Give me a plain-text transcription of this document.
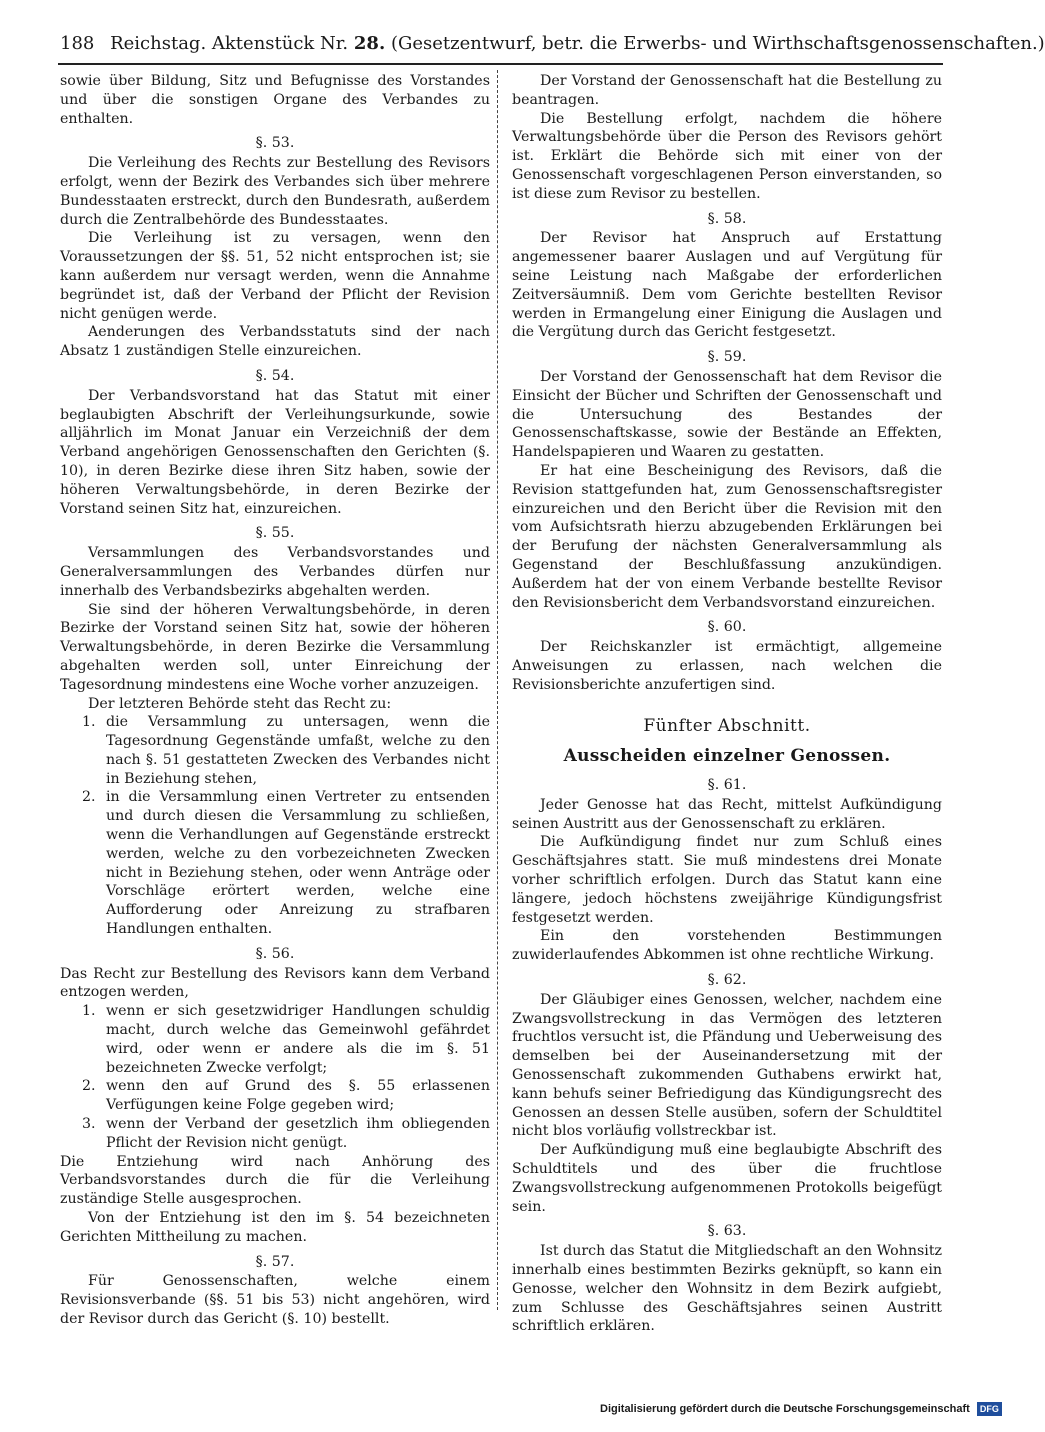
188 Reichstag. Aktenstück Nr. 28. (Gesetzentwurf, betr. die Erwerbs- und Wirthschaftsgenossenschaften.)

sowie über Bildung, Sitz und Befugnisse des Vorstandes und über die sonstigen Organe des Verbandes zu enthalten.

§. 53.

Die Verleihung des Rechts zur Bestellung des Revisors erfolgt, wenn der Bezirk des Verbandes sich über mehrere Bundesstaaten erstreckt, durch den Bundesrath, außerdem durch die Zentralbehörde des Bundesstaates.

Die Verleihung ist zu versagen, wenn den Voraussetzungen der §§. 51, 52 nicht entsprochen ist; sie kann außerdem nur versagt werden, wenn die Annahme begründet ist, daß der Verband der Pflicht der Revision nicht genügen werde.

Aenderungen des Verbandsstatuts sind der nach Absatz 1 zuständigen Stelle einzureichen.

§. 54.

Der Verbandsvorstand hat das Statut mit einer beglaubigten Abschrift der Verleihungsurkunde, sowie alljährlich im Monat Januar ein Verzeichniß der dem Verband angehörigen Genossenschaften den Gerichten (§. 10), in deren Bezirke diese ihren Sitz haben, sowie der höheren Verwaltungsbehörde, in deren Bezirke der Vorstand seinen Sitz hat, einzureichen.

§. 55.

Versammlungen des Verbandsvorstandes und Generalversammlungen des Verbandes dürfen nur innerhalb des Verbandsbezirks abgehalten werden.

Sie sind der höheren Verwaltungsbehörde, in deren Bezirke der Vorstand seinen Sitz hat, sowie der höheren Verwaltungsbehörde, in deren Bezirke die Versammlung abgehalten werden soll, unter Einreichung der Tagesordnung mindestens eine Woche vorher anzuzeigen.

Der letzteren Behörde steht das Recht zu:

1. die Versammlung zu untersagen, wenn die Tagesordnung Gegenstände umfaßt, welche zu den nach §. 51 gestatteten Zwecken des Verbandes nicht in Beziehung stehen,
2. in die Versammlung einen Vertreter zu entsenden und durch diesen die Versammlung zu schließen, wenn die Verhandlungen auf Gegenstände erstreckt werden, welche zu den vorbezeichneten Zwecken nicht in Beziehung stehen, oder wenn Anträge oder Vorschläge erörtert werden, welche eine Aufforderung oder Anreizung zu strafbaren Handlungen enthalten.
§. 56.

Das Recht zur Bestellung des Revisors kann dem Verband entzogen werden,

1. wenn er sich gesetzwidriger Handlungen schuldig macht, durch welche das Gemeinwohl gefährdet wird, oder wenn er andere als die im §. 51 bezeichneten Zwecke verfolgt;
2. wenn den auf Grund des §. 55 erlassenen Verfügungen keine Folge gegeben wird;
3. wenn der Verband der gesetzlich ihm obliegenden Pflicht der Revision nicht genügt.

Die Entziehung wird nach Anhörung des Verbandsvorstandes durch die für die Verleihung zuständige Stelle ausgesprochen.

Von der Entziehung ist den im §. 54 bezeichneten Gerichten Mittheilung zu machen.

§. 57.

Für Genossenschaften, welche einem Revisionsverbande (§§. 51 bis 53) nicht angehören, wird der Revisor durch das Gericht (§. 10) bestellt.

Der Vorstand der Genossenschaft hat die Bestellung zu beantragen.

Die Bestellung erfolgt, nachdem die höhere Verwaltungsbehörde über die Person des Revisors gehört ist. Erklärt die Behörde sich mit einer von der Genossenschaft vorgeschlagenen Person einverstanden, so ist diese zum Revisor zu bestellen.

§. 58.

Der Revisor hat Anspruch auf Erstattung angemessener baarer Auslagen und auf Vergütung für seine Leistung nach Maßgabe der erforderlichen Zeitversäumniß. Dem vom Gerichte bestellten Revisor werden in Ermangelung einer Einigung die Auslagen und die Vergütung durch das Gericht festgesetzt.

§. 59.

Der Vorstand der Genossenschaft hat dem Revisor die Einsicht der Bücher und Schriften der Genossenschaft und die Untersuchung des Bestandes der Genossenschaftskasse, sowie der Bestände an Effekten, Handelspapieren und Waaren zu gestatten.

Er hat eine Bescheinigung des Revisors, daß die Revision stattgefunden hat, zum Genossenschaftsregister einzureichen und den Bericht über die Revision mit den vom Aufsichtsrath hierzu abzugebenden Erklärungen bei der Berufung der nächsten Generalversammlung als Gegenstand der Beschlußfassung anzukündigen. Außerdem hat der von einem Verbande bestellte Revisor den Revisionsbericht dem Verbandsvorstand einzureichen.

§. 60.

Der Reichskanzler ist ermächtigt, allgemeine Anweisungen zu erlassen, nach welchen die Revisionsberichte anzufertigen sind.

Fünfter Abschnitt.
Ausscheiden einzelner Genossen.
§. 61.

Jeder Genosse hat das Recht, mittelst Aufkündigung seinen Austritt aus der Genossenschaft zu erklären.

Die Aufkündigung findet nur zum Schluß eines Geschäftsjahres statt. Sie muß mindestens drei Monate vorher schriftlich erfolgen. Durch das Statut kann eine längere, jedoch höchstens zweijährige Kündigungsfrist festgesetzt werden.

Ein den vorstehenden Bestimmungen zuwiderlaufendes Abkommen ist ohne rechtliche Wirkung.

§. 62.

Der Gläubiger eines Genossen, welcher, nachdem eine Zwangsvollstreckung in das Vermögen des letzteren fruchtlos versucht ist, die Pfändung und Ueberweisung des demselben bei der Auseinandersetzung mit der Genossenschaft zukommenden Guthabens erwirkt hat, kann behufs seiner Befriedigung das Kündigungsrecht des Genossen an dessen Stelle ausüben, sofern der Schuldtitel nicht blos vorläufig vollstreckbar ist.

Der Aufkündigung muß eine beglaubigte Abschrift des Schuldtitels und des über die fruchtlose Zwangsvollstreckung aufgenommenen Protokolls beigefügt sein.

§. 63.

Ist durch das Statut die Mitgliedschaft an den Wohnsitz innerhalb eines bestimmten Bezirks geknüpft, so kann ein Genosse, welcher den Wohnsitz in dem Bezirk aufgiebt, zum Schlusse des Geschäftsjahres seinen Austritt schriftlich erklären.

Digitalisierung gefördert durch die Deutsche Forschungsgemeinschaft DFG
